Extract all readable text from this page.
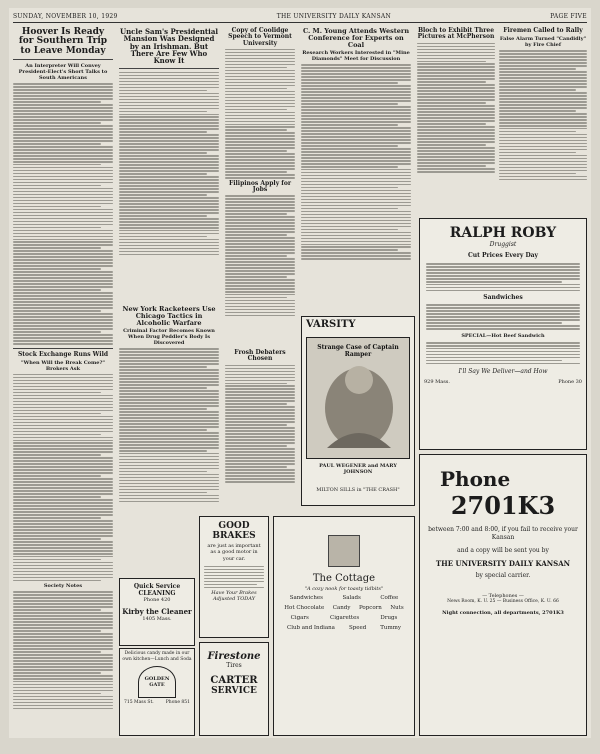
SUNDAY, NOVEMBER 10, 1929	THE UNIVERSITY DAILY KANSAN	PAGE FIVE
Hoover Is Ready for Southern Trip to Leave Monday
An Interpreter Will Convey President-Elect's Short Talks to South Americans
Stock Exchange Runs Wild
"When Will the Break Come?" Brokers Ask
Society Notes
Uncle Sam's Presidential Mansion Was Designed by an Irishman. But There Are Few Who Know It
New York Racketeers Use Chicago Tactics in Alcoholic Warfare
Criminal Factor Becomes Known When Drug Peddler's Body Is Discovered
Copy of Coolidge Speech to Vermont University
Filipinos Apply for Jobs
Frosh Debaters Chosen
C. M. Young Attends Western Conference for Experts on Coal
Research Workers Interested in "Mine Diamonds" Meet for Discussion
Bloch to Exhibit Three Pictures at McPherson
Firemen Called to Rally
False Alarm Turned "Candidly" by Fire Chief
VARSITY
Strange Case of Captain Ramper
PAUL WEGENER and MARY JOHNSON
MILTON SILLS in "THE CRASH"
RALPH ROBY
Druggist
Cut Prices Every Day
Sandwiches
SPECIAL—Hot Beef Sandwich
I'll Say We Deliver—and How
929 Mass.	Phone 30
GOOD BRAKES
are just as important as a good motor in your car.
Have Your Brakes Adjusted TODAY
Firestone
Tires
CARTER
SERVICE
Quick Service CLEANING
Phone 420
Kirby the Cleaner
1405 Mass.
Delicious candy made in our own kitchen—Lunch and Soda
GOLDEN GATE
715 Mass St.	Phone 851
The Cottage
"A cozy nook for toasty tidbits"
Sandwiches	Salads	Coffee
Hot Chocolate	Candy	Popcorn	Nuts
Cigars	Cigarettes	Drugs
Club and Indiana	Speed	Tummy
Phone
2701K3
between 7:00 and 8:00, if you fail to receive your Kansan
and a copy will be sent you by
THE UNIVERSITY DAILY KANSAN
by special carrier.
— Telephones —
News Room, K. U. 25 — Business Office, K. U. 66
Night connection, all departments, 2701K3
